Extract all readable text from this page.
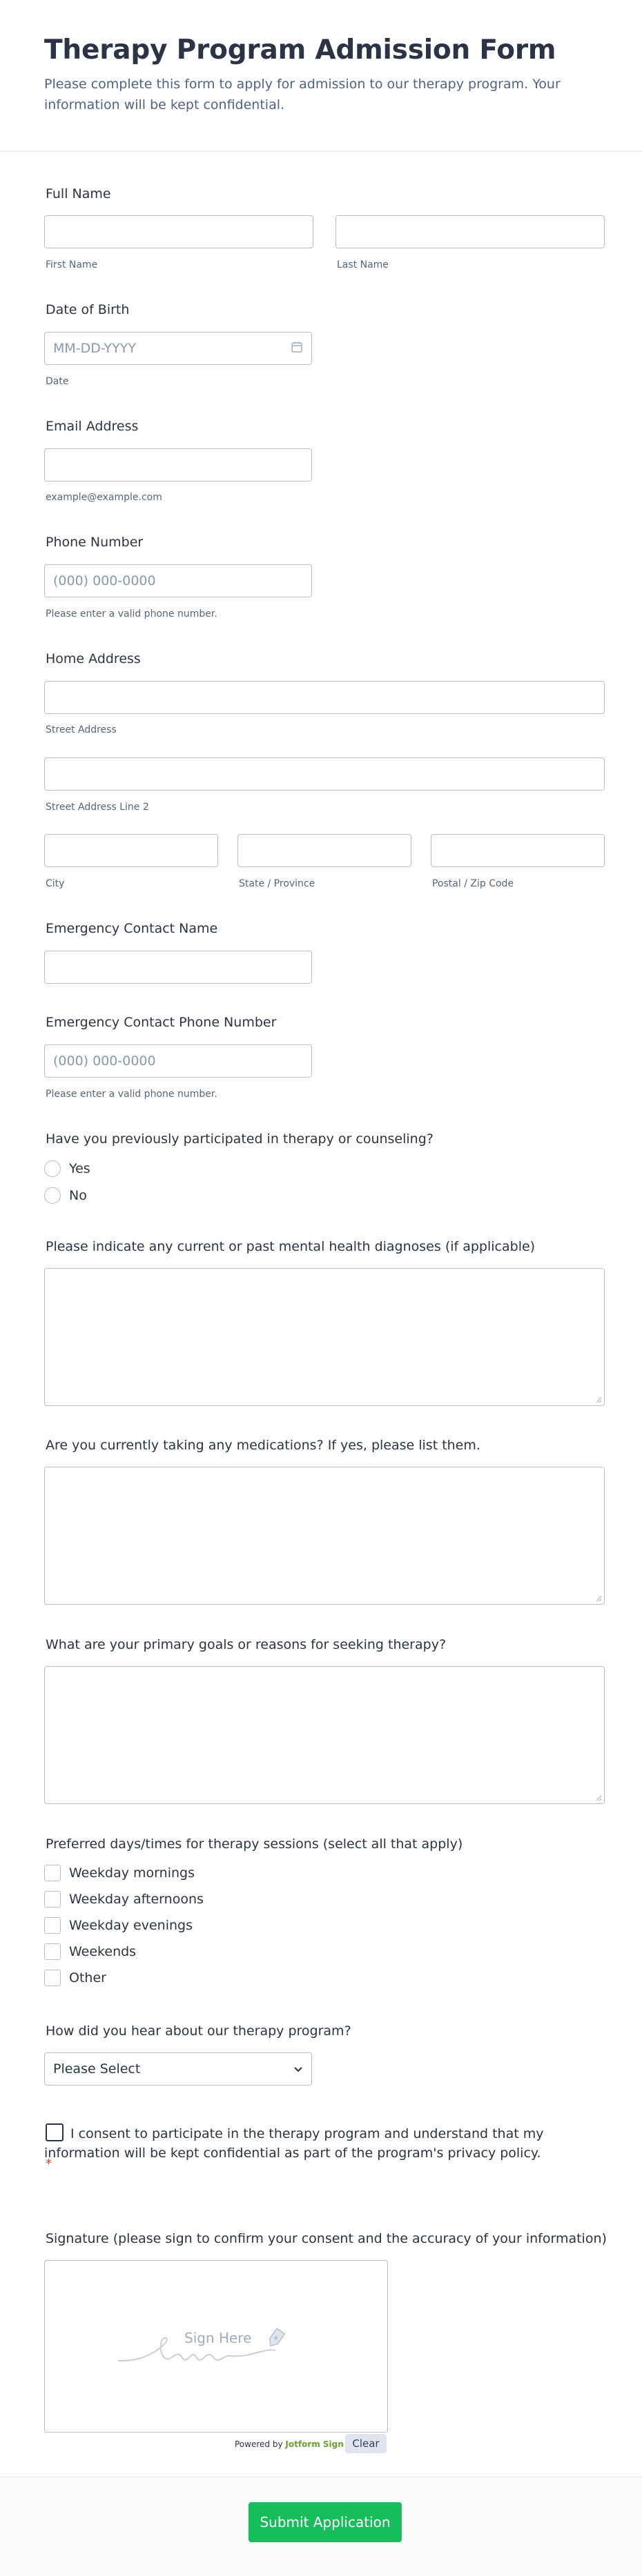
Therapy Program Admission Form

Please complete this form to apply for admission to our therapy program. Your information will be kept confidential.

Full Name
First Name	Last Name
Date of Birth
MM-DD-YYYY
Date
Email Address
example@example.com
Phone Number
(000) 000-0000
Please enter a valid phone number.
Home Address
Street Address
Street Address Line 2
City	State / Province	Postal / Zip Code
Emergency Contact Name
Emergency Contact Phone Number
(000) 000-0000
Please enter a valid phone number.
Have you previously participated in therapy or counseling?
Yes
No
Please indicate any current or past mental health diagnoses (if applicable)
Are you currently taking any medications? If yes, please list them.
What are your primary goals or reasons for seeking therapy?
Preferred days/times for therapy sessions (select all that apply)
Weekday mornings
Weekday afternoons
Weekday evenings
Weekends
Other
How did you hear about our therapy program?
Please Select
I consent to participate in the therapy program and understand that my information will be kept confidential as part of the program's privacy policy.
*
Signature (please sign to confirm your consent and the accuracy of your information)
Sign Here
Powered by Jotform Sign Clear
Submit Application
